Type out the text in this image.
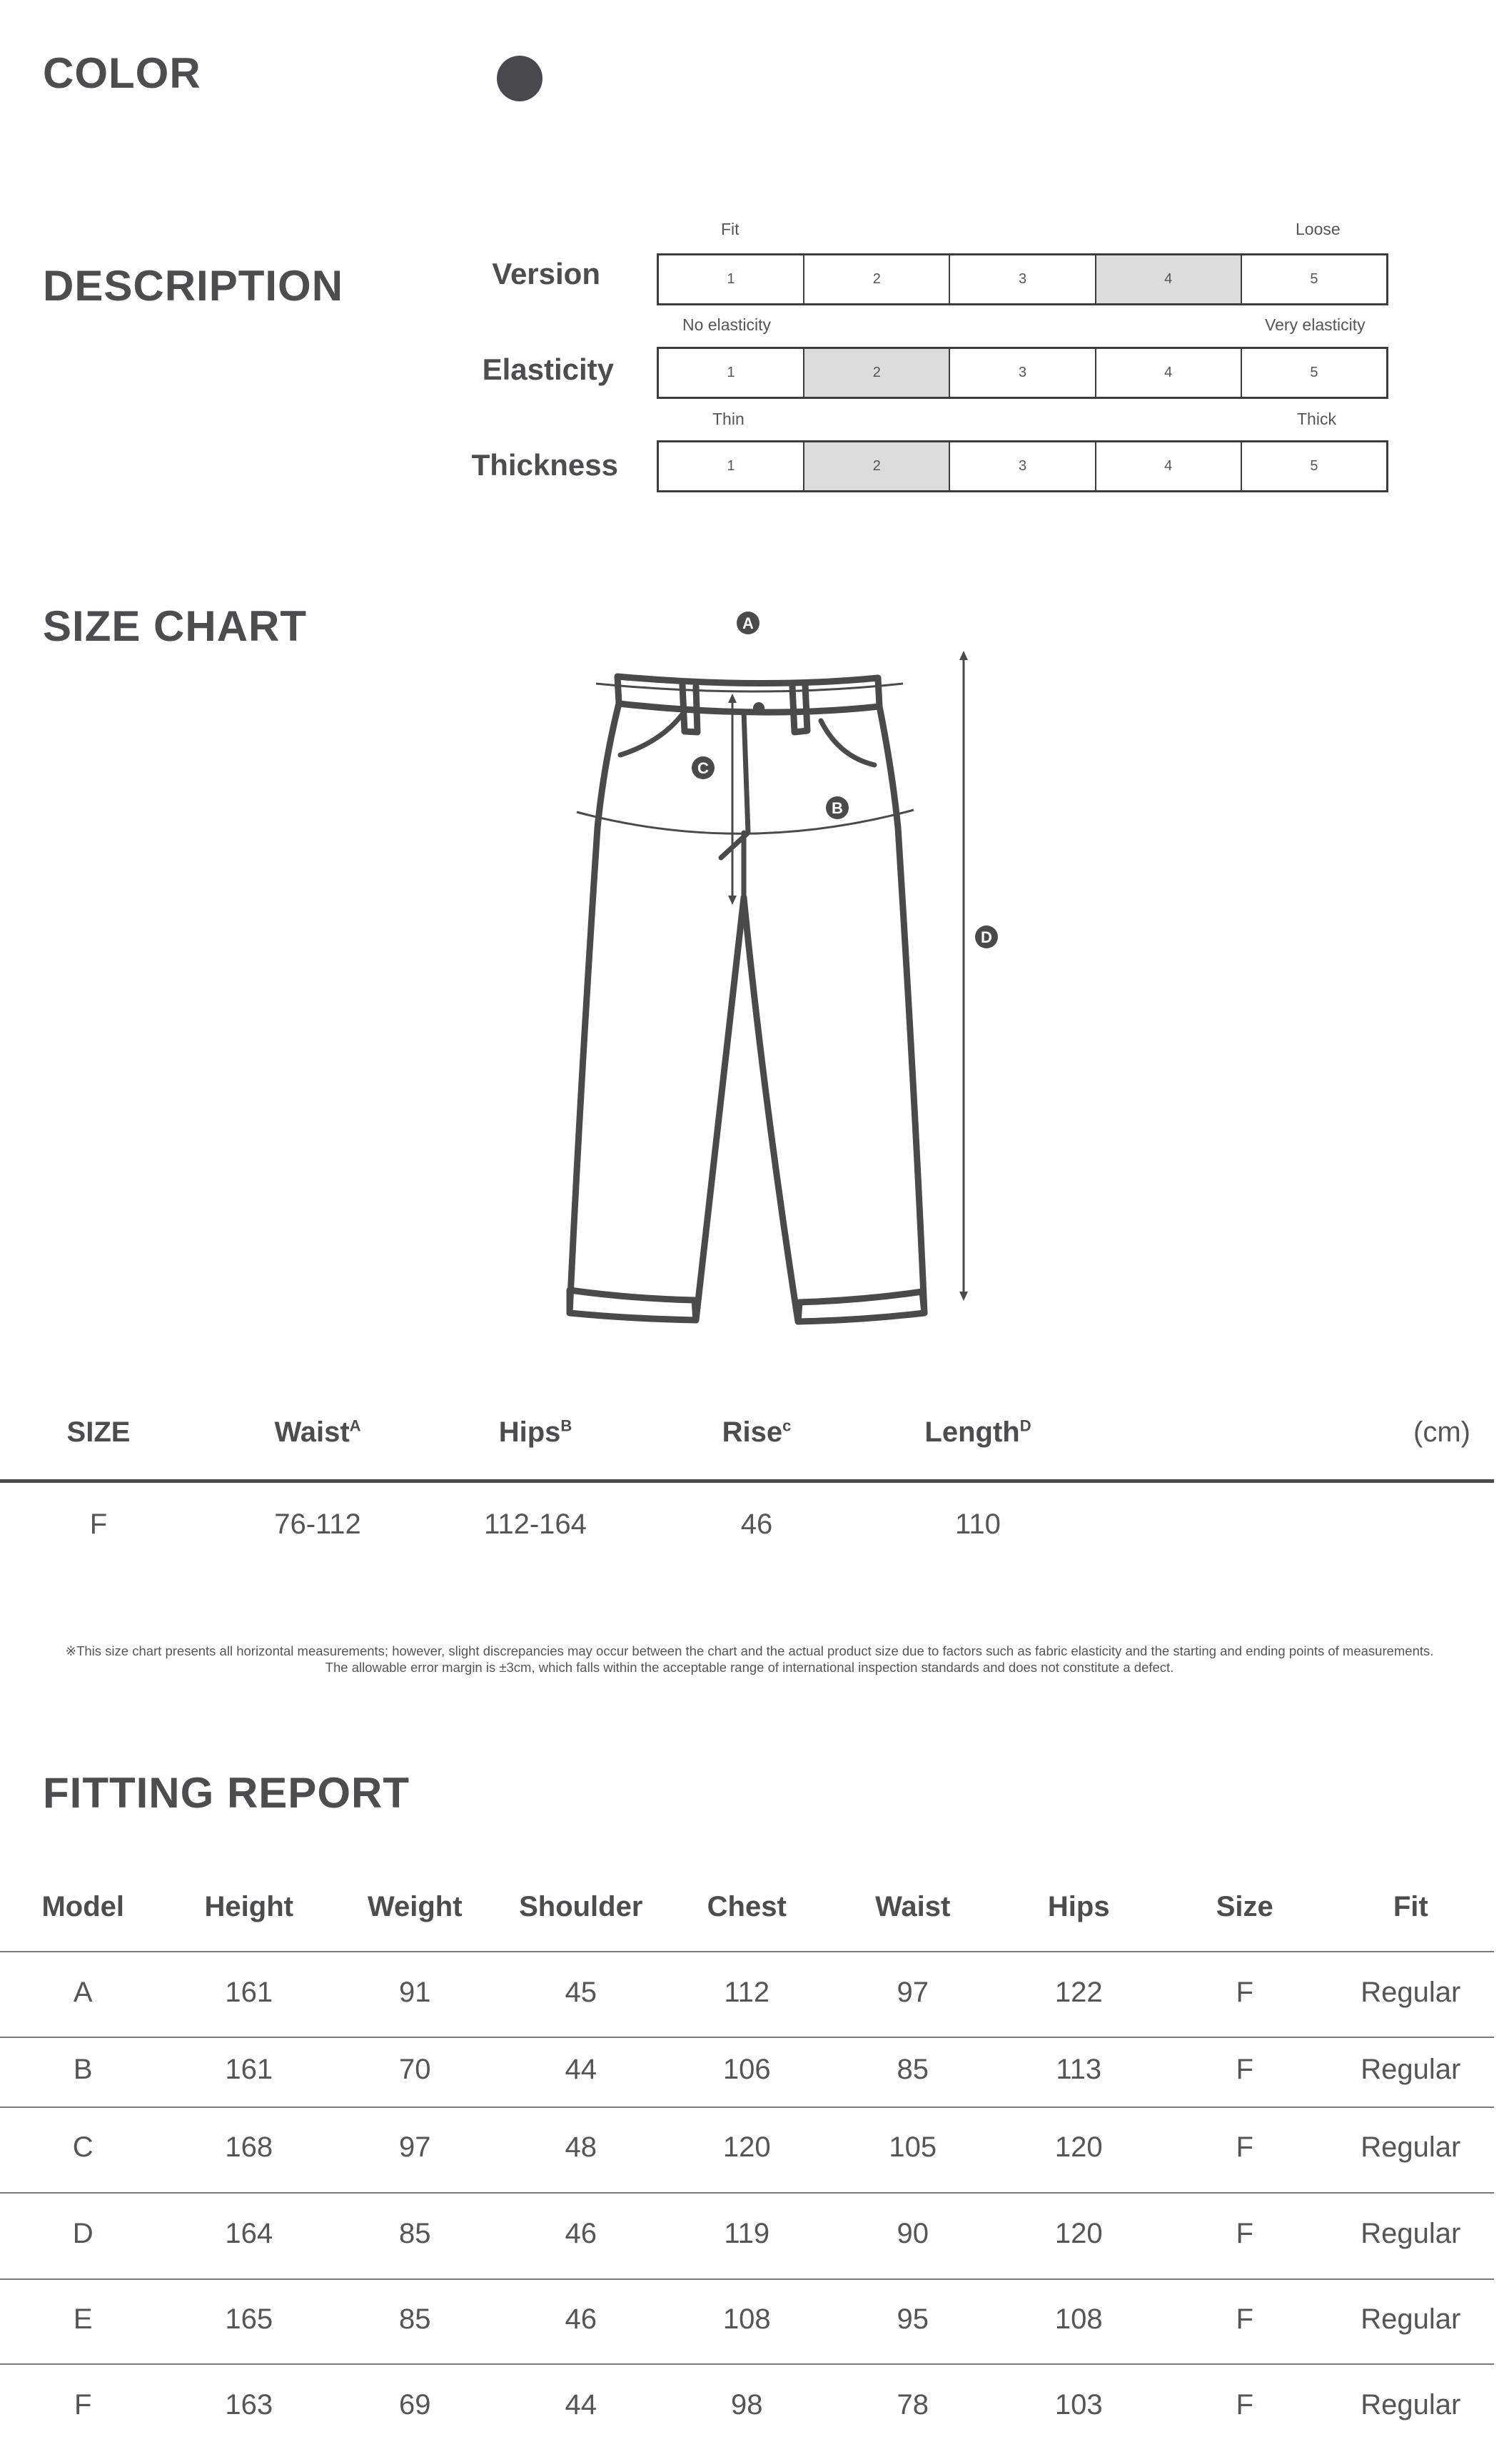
COLOR
DESCRIPTION
Fit	Loose
Version	1	2	3	4	5
No elasticity	Very elasticity
Elasticity	1	2	3	4	5
Thin	Thick
Thickness	1	2	3	4	5
SIZE CHART	A
C
B
D
SIZE	Waist$^A$	Hips$^B$	Rise$^c$	Length$^D$	(cm)
F	76-112	112-164	46	110
※This size chart presents all horizontal measurements; however, slight discrepancies may occur between the chart and the actual product size due to factors such as fabric elasticity and the starting and ending points of measurements.
The allowable error margin is ±3cm, which falls within the acceptable range of international inspection standards and does not constitute a defect.
FITTING REPORT
Model	Height	Weight	Shoulder	Chest	Waist	Hips	Size	Fit
A	161	91	45	112	97	122	F	Regular
B	161	70	44	106	85	113	F	Regular
C	168	97	48	120	105	120	F	Regular
D	164	85	46	119	90	120	F	Regular
E	165	85	46	108	95	108	F	Regular
F	163	69	44	98	78	103	F	Regular
